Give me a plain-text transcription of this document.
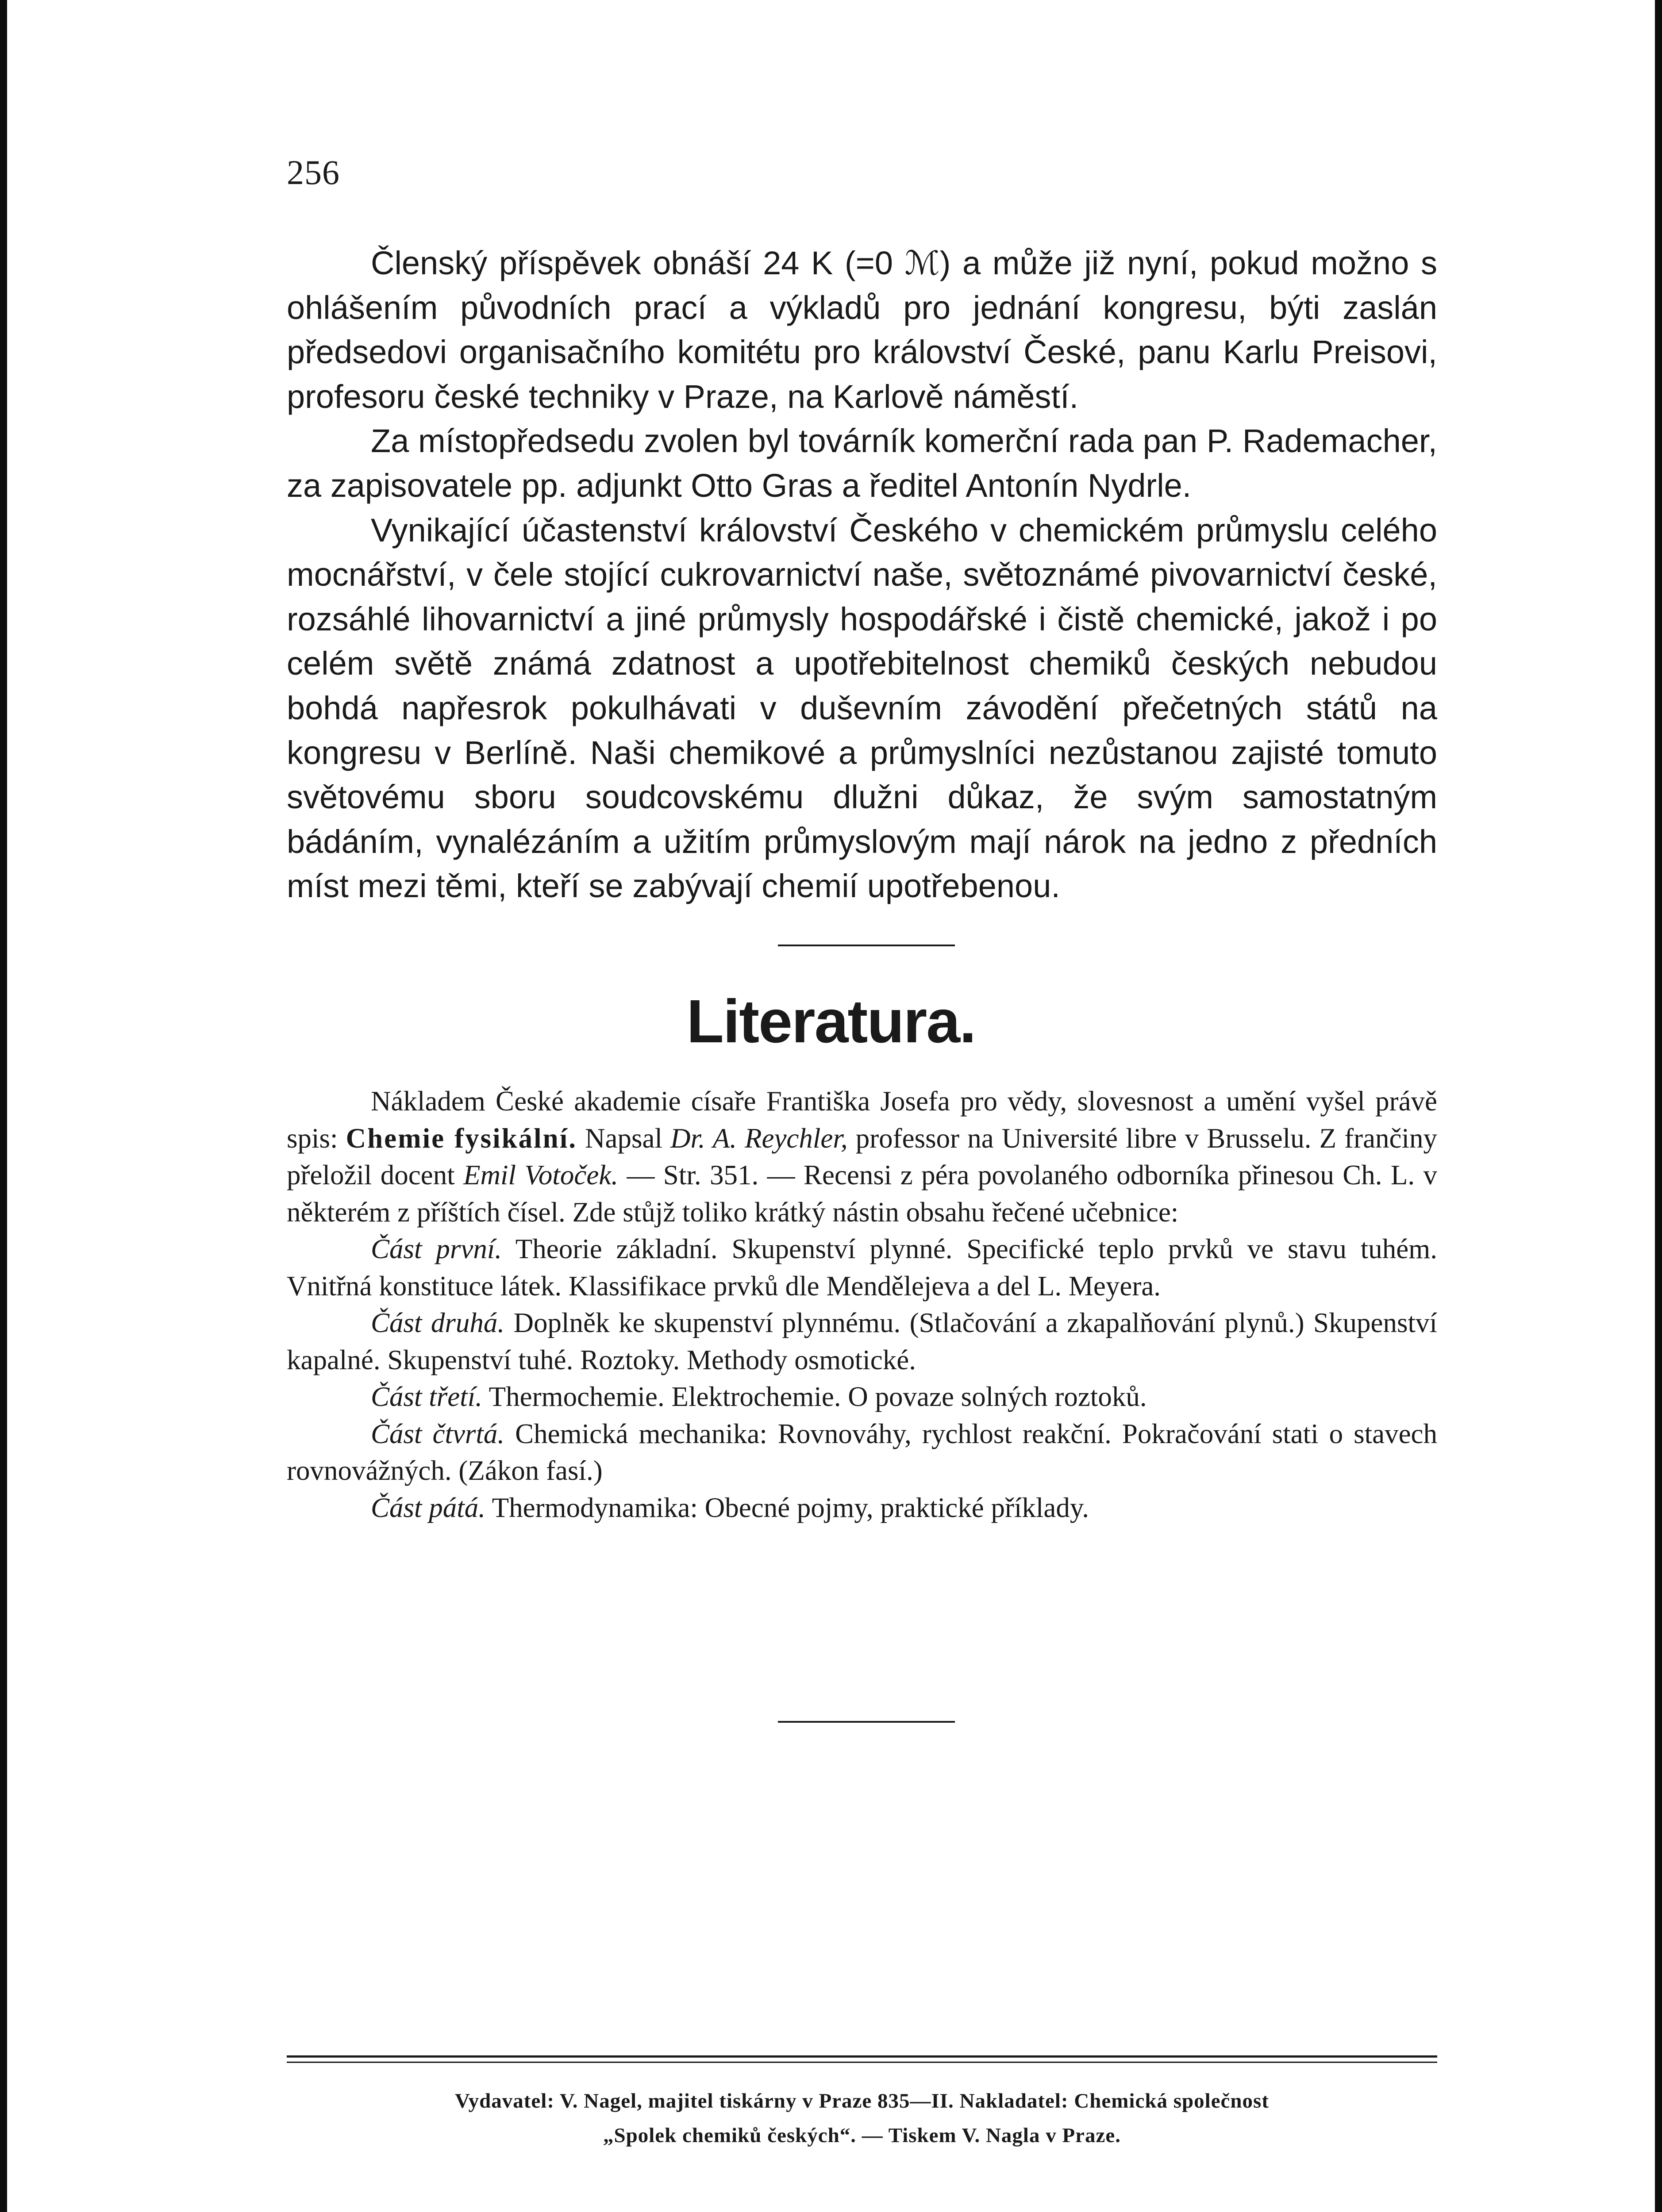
256

Členský příspěvek obnáší 24 K (=0 ℳ) a může již nyní, pokud možno s ohlášením původních prací a výkladů pro jednání kongresu, býti zaslán předsedovi organisačního komitétu pro království České, panu Karlu Preisovi, profesoru české techniky v Praze, na Karlově náměstí.

Za místopředsedu zvolen byl továrník komerční rada pan P. Rademacher, za zapisovatele pp. adjunkt Otto Gras a ředitel Antonín Nydrle.

Vynikající účastenství království Českého v chemickém průmyslu celého mocnářství, v čele stojící cukrovarnictví naše, světoznámé pivovarnictví české, rozsáhlé lihovarnictví a jiné průmysly hospodářské i čistě chemické, jakož i po celém světě známá zdatnost a upotřebitelnost chemiků českých nebudou bohdá napřesrok pokulhávati v duševním závodění přečetných států na kongresu v Berlíně. Naši chemikové a průmyslníci nezůstanou zajisté tomuto světovému sboru soudcovskému dlužni důkaz, že svým samostatným bádáním, vynalézáním a užitím průmyslovým mají nárok na jedno z předních míst mezi těmi, kteří se zabývají chemií upotřebenou.

Literatura.

Nákladem České akademie císaře Františka Josefa pro vědy, slovesnost a umění vyšel právě spis: Chemie fysikální. Napsal Dr. A. Reychler, professor na Université libre v Brusselu. Z frančiny přeložil docent Emil Votoček. — Str. 351. — Recensi z péra povolaného odborníka přinesou Ch. L. v některém z příštích čísel. Zde stůjž toliko krátký nástin obsahu řečené učebnice:

Část první. Theorie základní. Skupenství plynné. Specifické teplo prvků ve stavu tuhém. Vnitřná konstituce látek. Klassifikace prvků dle Mendělejeva a del L. Meyera.

Část druhá. Doplněk ke skupenství plynnému. (Stlačování a zkapalňování plynů.) Skupenství kapalné. Skupenství tuhé. Roztoky. Methody osmotické.

Část třetí. Thermochemie. Elektrochemie. O povaze solných roztoků.

Část čtvrtá. Chemická mechanika: Rovnováhy, rychlost reakční. Pokračování stati o stavech rovnovážných. (Zákon fasí.)

Část pátá. Thermodynamika: Obecné pojmy, praktické příklady.

Vydavatel: V. Nagel, majitel tiskárny v Praze 835—II. Nakladatel: Chemická společnost
„Spolek chemiků českých“. — Tiskem V. Nagla v Praze.
